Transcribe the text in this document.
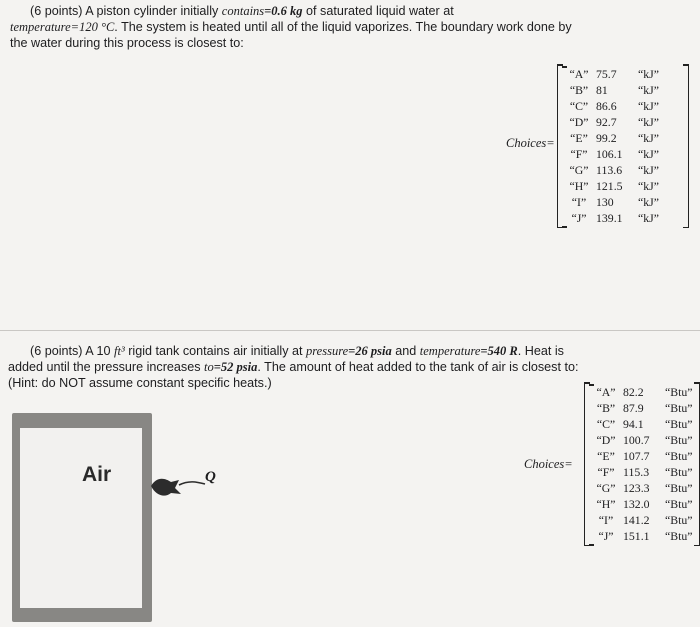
(6 points) A piston cylinder initially contains=0.6 kg of saturated liquid water at
temperature=120 °C. The system is heated until all of the liquid vaporizes. The boundary work done by
the water during this process is closest to:
Choices=
“A” 75.7	“kJ”
“B” 81	“kJ”
“C” 86.6	“kJ”
“D” 92.7	“kJ”
“E” 99.2	“kJ”
“F” 106.1	“kJ”
“G” 113.6	“kJ”
“H” 121.5	“kJ”
“I” 130	“kJ”
“J” 139.1	“kJ”
(6 points) A 10 ft³ rigid tank contains air initially at pressure=26 psia and temperature=540 R. Heat is
added until the pressure increases to=52 psia. The amount of heat added to the tank of air is closest to:
(Hint: do NOT assume constant specific heats.)
Air	Q
Choices=
“A” 82.2	“Btu”
“B” 87.9	“Btu”
“C” 94.1	“Btu”
“D” 100.7	“Btu”
“E” 107.7	“Btu”
“F” 115.3	“Btu”
“G” 123.3	“Btu”
“H” 132.0	“Btu”
“I” 141.2	“Btu”
“J” 151.1	“Btu”
